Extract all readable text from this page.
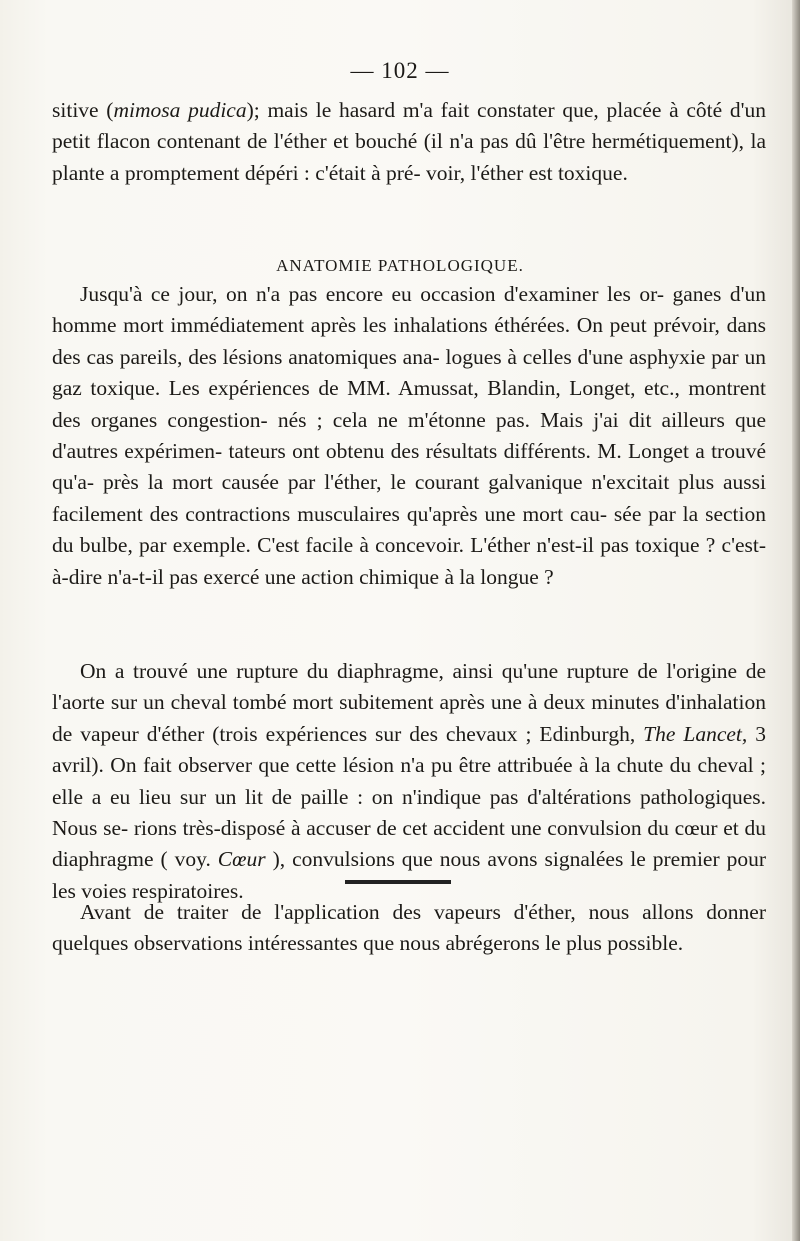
— 102 —
sitive (mimosa pudica); mais le hasard m'a fait constater que, placée à côté d'un petit flacon contenant de l'éther et bouché (il n'a pas dû l'être hermétiquement), la plante a promptement dépéri : c'était à pré- voir, l'éther est toxique.
ANATOMIE PATHOLOGIQUE.
Jusqu'à ce jour, on n'a pas encore eu occasion d'examiner les or- ganes d'un homme mort immédiatement après les inhalations éthérées. On peut prévoir, dans des cas pareils, des lésions anatomiques ana- logues à celles d'une asphyxie par un gaz toxique. Les expériences de MM. Amussat, Blandin, Longet, etc., montrent des organes congestion- nés ; cela ne m'étonne pas. Mais j'ai dit ailleurs que d'autres expérimen- tateurs ont obtenu des résultats différents. M. Longet a trouvé qu'a- près la mort causée par l'éther, le courant galvanique n'excitait plus aussi facilement des contractions musculaires qu'après une mort cau- sée par la section du bulbe, par exemple. C'est facile à concevoir. L'éther n'est-il pas toxique ? c'est-à-dire n'a-t-il pas exercé une action chimique à la longue ?
On a trouvé une rupture du diaphragme, ainsi qu'une rupture de l'origine de l'aorte sur un cheval tombé mort subitement après une à deux minutes d'inhalation de vapeur d'éther (trois expériences sur des chevaux ; Edinburgh, The Lancet, 3 avril). On fait observer que cette lésion n'a pu être attribuée à la chute du cheval ; elle a eu lieu sur un lit de paille : on n'indique pas d'altérations pathologiques. Nous se- rions très-disposé à accuser de cet accident une convulsion du cœur et du diaphragme ( voy. Cœur ), convulsions que nous avons signalées le premier pour les voies respiratoires.
Avant de traiter de l'application des vapeurs d'éther, nous allons donner quelques observations intéressantes que nous abrégerons le plus possible.
